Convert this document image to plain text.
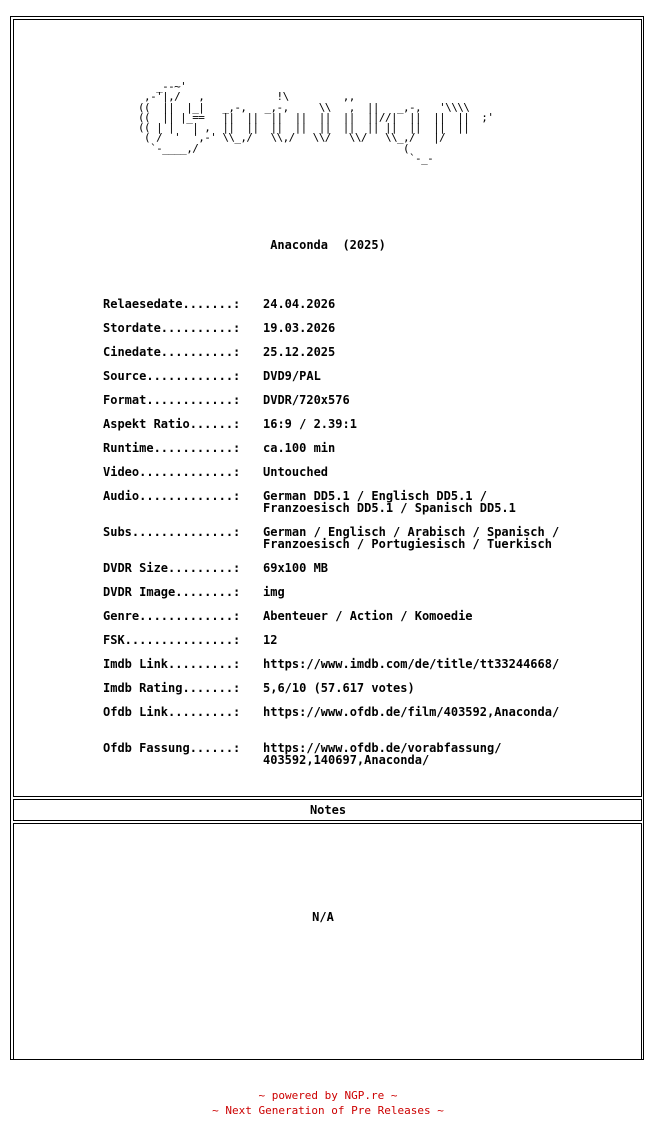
_--~'
,-'|,/   ,            !\         ,,
((  ||  |_|   _,-,   _,-,     \\   ,  ||   _,-,   '\\\\
((  || |_==   ||  ||  ||  ||  ||  ||  ||//|  ||  ||  ||  ;'
(( | |   | ,  ||  ||  ||  ||  ||  ||  || ||  ||  ||  ||
( /  '  ',-' \\_,/   \\,/   \\/   \\/   \\_,/   |/
`-____,/                                  (
`-_-
Anaconda  (2025)
Relaesedate.......:	24.04.2026
Stordate..........:	19.03.2026
Cinedate..........:	25.12.2025
Source............:	DVD9/PAL
Format............:	DVDR/720x576
Aspekt Ratio......:	16:9 / 2.39:1
Runtime...........:	ca.100 min
Video.............:	Untouched
Audio.............:	German DD5.1 / Englisch DD5.1 /
Franzoesisch DD5.1 / Spanisch DD5.1
Subs..............:	German / Englisch / Arabisch / Spanisch /
Franzoesisch / Portugiesisch / Tuerkisch
DVDR Size.........:	69x100 MB
DVDR Image........:	img
Genre.............:	Abenteuer / Action / Komoedie
FSK...............:	12
Imdb Link.........:	https://www.imdb.com/de/title/tt33244668/
Imdb Rating.......:	5,6/10 (57.617 votes)
Ofdb Link.........:	https://www.ofdb.de/film/403592,Anaconda/
Ofdb Fassung......:	https://www.ofdb.de/vorabfassung/
403592,140697,Anaconda/
Notes
N/A
~ powered by NGP.re ~
~ Next Generation of Pre Releases ~
